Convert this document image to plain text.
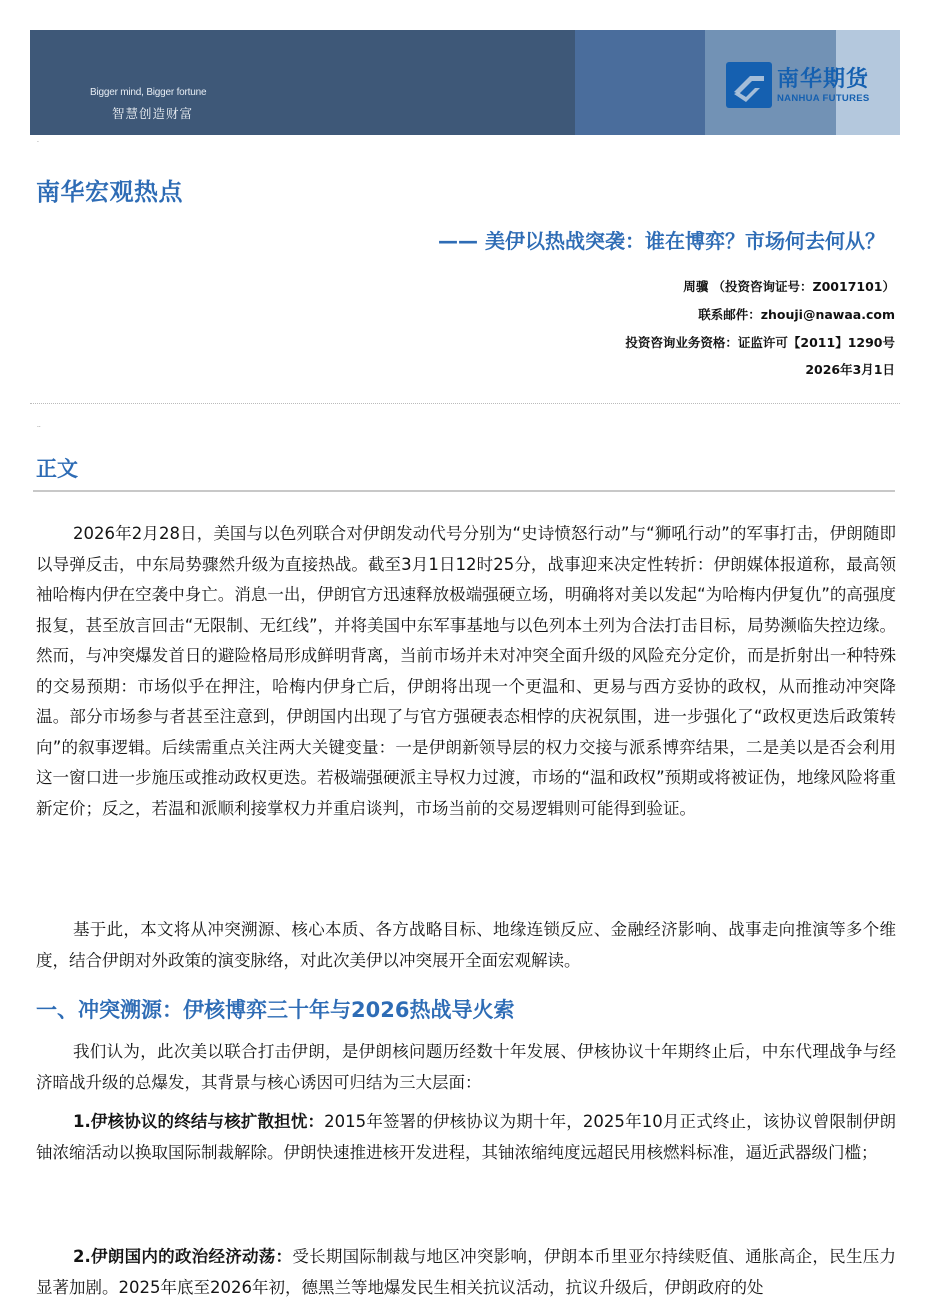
Bigger mind, Bigger fortune
智慧创造财富
南华期货
NANHUA FUTURES
·
南华宏观热点
—— 美伊以热战突袭：谁在博弈？市场何去何从？
周骥 （投资咨询证号：Z0017101）
联系邮件：zhouji@nawaa.com
投资咨询业务资格：证监许可【2011】1290号
2026年3月1日
··
正文

2026年2月28日，美国与以色列联合对伊朗发动代号分别为“史诗愤怒行动”与“狮吼行动”的军事打击，伊朗随即以导弹反击，中东局势骤然升级为直接热战。截至3月1日12时25分，战事迎来决定性转折：伊朗媒体报道称，最高领袖哈梅内伊在空袭中身亡。消息一出，伊朗官方迅速释放极端强硬立场，明确将对美以发起“为哈梅内伊复仇”的高强度报复，甚至放言回击“无限制、无红线”，并将美国中东军事基地与以色列本土列为合法打击目标，局势濒临失控边缘。然而，与冲突爆发首日的避险格局形成鲜明背离，当前市场并未对冲突全面升级的风险充分定价，而是折射出一种特殊的交易预期：市场似乎在押注，哈梅内伊身亡后，伊朗将出现一个更温和、更易与西方妥协的政权，从而推动冲突降温。部分市场参与者甚至注意到，伊朗国内出现了与官方强硬表态相悖的庆祝氛围，进一步强化了“政权更迭后政策转向”的叙事逻辑。后续需重点关注两大关键变量：一是伊朗新领导层的权力交接与派系博弈结果，二是美以是否会利用这一窗口进一步施压或推动政权更迭。若极端强硬派主导权力过渡，市场的“温和政权”预期或将被证伪，地缘风险将重新定价；反之，若温和派顺利接掌权力并重启谈判，市场当前的交易逻辑则可能得到验证。

基于此，本文将从冲突溯源、核心本质、各方战略目标、地缘连锁反应、金融经济影响、战事走向推演等多个维度，结合伊朗对外政策的演变脉络，对此次美伊以冲突展开全面宏观解读。

一、冲突溯源：伊核博弈三十年与2026热战导火索

我们认为，此次美以联合打击伊朗，是伊朗核问题历经数十年发展、伊核协议十年期终止后，中东代理战争与经济暗战升级的总爆发，其背景与核心诱因可归结为三大层面：

1.伊核协议的终结与核扩散担忧：2015年签署的伊核协议为期十年，2025年10月正式终止，该协议曾限制伊朗铀浓缩活动以换取国际制裁解除。伊朗快速推进核开发进程，其铀浓缩纯度远超民用核燃料标准，逼近武器级门槛；

2.伊朗国内的政治经济动荡：受长期国际制裁与地区冲突影响，伊朗本币里亚尔持续贬值、通胀高企，民生压力显著加剧。2025年底至2026年初，德黑兰等地爆发民生相关抗议活动，抗议升级后，伊朗政府的处
